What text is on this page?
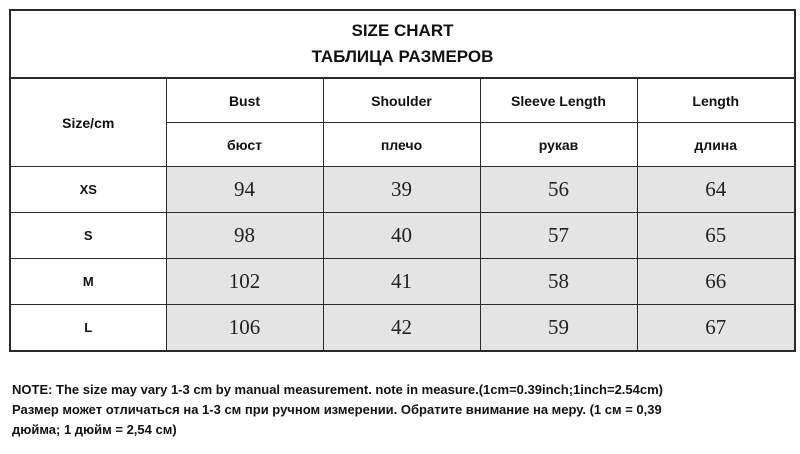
SIZE CHART
ТАБЛИЦА РАЗМЕРОВ
Size/cm	Bust	Shoulder	Sleeve Length	Length
	бюст	плечо	рукав	длина
XS	94	39	56	64
S	98	40	57	65
M	102	41	58	66
L	106	42	59	67
NOTE: The size may vary 1-3 cm by manual measurement. note in measure.(1cm=0.39inch;1inch=2.54cm)
Размер может отличаться на 1-3 см при ручном измерении. Обратите внимание на меру. (1 см = 0,39
дюйма; 1 дюйм = 2,54 см)
